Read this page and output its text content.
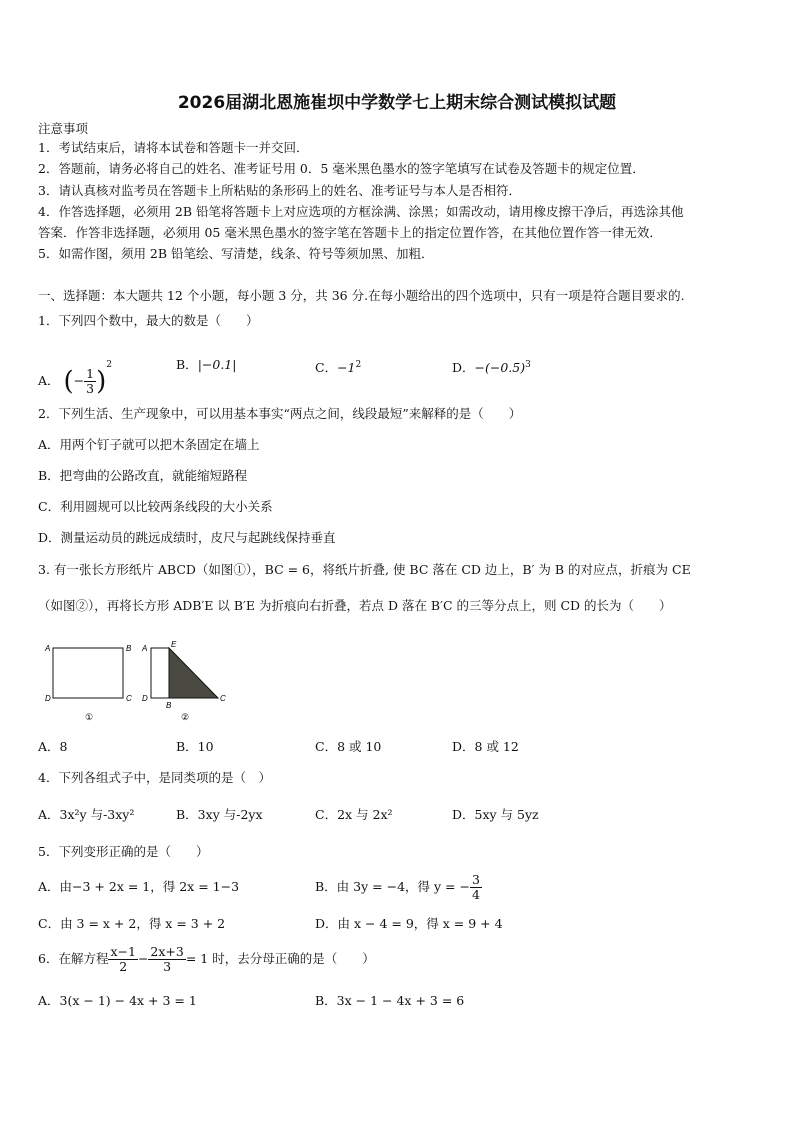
2026届湖北恩施崔坝中学数学七上期末综合测试模拟试题
注意事项
1．考试结束后，请将本试卷和答题卡一并交回．
2．答题前，请务必将自己的姓名、准考证号用 0．5 毫米黑色墨水的签字笔填写在试卷及答题卡的规定位置．
3．请认真核对监考员在答题卡上所粘贴的条形码上的姓名、准考证号与本人是否相符．
4．作答选择题，必须用 2B 铅笔将答题卡上对应选项的方框涂满、涂黑；如需改动，请用橡皮擦干净后，再选涂其他
答案．作答非选择题，必须用 05 毫米黑色墨水的签字笔在答题卡上的指定位置作答，在其他位置作答一律无效．
5．如需作图，须用 2B 铅笔绘、写清楚，线条、符号等须加黑、加粗．
一、选择题：本大题共 12 个小题，每小题 3 分，共 36 分.在每小题给出的四个选项中，只有一项是符合题目要求的.
1．下列四个数中，最大的数是（　　）
A． (− $\frac{1}{3} )^2$	B．|−0.1|	C．$-1^2$	D．$-(-0.5)^3$
2．下列生活、生产现象中，可以用基本事实“两点之间，线段最短”来解释的是（　　）
A．用两个钉子就可以把木条固定在墙上
B．把弯曲的公路改直，就能缩短路程
C．利用圆规可以比较两条线段的大小关系
D．测量运动员的跳远成绩时，皮尺与起跳线保持垂直
3. 有一张长方形纸片 ABCD（如图①），BC = 6，将纸片折叠, 使 BC 落在 CD 边上，B′ 为 B 的对应点，折痕为 CE
（如图②），再将长方形 ADB′E 以 B′E 为折痕向右折叠，若点 D 落在 B′C 的三等分点上，则 CD 的长为（　　）
A	B
D	C
①
A	E
D
B
C
②
A．8	B．10	C．8 或 10	D．8 或 12
4．下列各组式子中，是同类项的是（　）
A．3x²y 与-3xy²	B．3xy 与-2yx	C．2x 与 2x²	D．5xy 与 5yz
5．下列变形正确的是（　　）
A．由−3 + 2x = 1，得 2x = 1−3	B．由 3y = −4，得 y = − $\frac{3}{4}$
C．由 3 = x + 2，得 x = 3 + 2	D．由 x − 4 = 9，得 x = 9 + 4
6．在解方程 $\frac{x-1}{2} - \frac{2x+3}{3} = 1$ 时，去分母正确的是（　　）
A．3(x − 1) − 4x + 3 = 1	B．3x − 1 − 4x + 3 = 6
